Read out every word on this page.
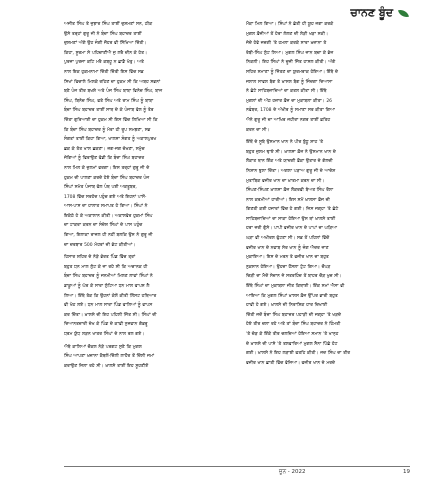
ਚਾਨਣ ਬੂੰਦ
ਅਜੀਤ ਸਿੰਘ ਤੇ ਜੁਝਾਰ ਸਿੰਘ ਤਾਈਂ ਦੁਸ਼ਮਣਾਂ ਸਨ, ਠੀਕ
ਉਸੇ ਤਰ੍ਹਾਂ ਗੁਰੂ ਜੀ ਨੇ ਬੰਦਾ ਸਿੰਘ ਬਹਾਦਰ ਤਾਈਂ
ਦੁਸ਼ਮਣਾਂ ਅੱਗੇ ਉਹ ਜੰਗੀ ਜੌਹਰ ਵੀ ਸਿੱਖਿਆ ਦਿੱਤੀ।
ਕਿਹਾ, ਸੂਰਮਾ ਸੋ ਪਹਿਚਾਣੀਐ ਜੁ ਲਰੈ ਦੀਨ ਕੇ ਹੇਤ।
ਪੁਰਜਾ ਪੁਰਜਾ ਕਟਿ ਮਰੈ ਕਬਹੂ ਨ ਛਾਡੈ ਖੇਤੁ। ਅਤੇ
ਨਾਲ ਇਕ ਹੁਕਮਨਾਮਾ ਦਿੱਤੀ ਦਿੱਤੀ ਇਸ ਵਿੱਚ ਸਭ
ਸਿਖਾਂ ਵਿਚਾਲੇ ਮਿਲਕੇ ਰਹਿਣ ਦਾ ਹੁਕਮ ਸੀ ਕਿ ਅਬਹ ਸਭਨਾਂ
ਬਣੇ ਪੰਜ ਤੀਰ ਬਖਸ਼ੇ ਅਤੇ ਪੰਜ ਸਿੰਘ ਬਾਬਾ ਵਿਨੋਦ ਸਿੰਘ, ਬਾਜ
ਸਿੰਘ, ਬਿਨੋਦ ਸਿੰਘ, ਫਤੇ ਸਿੰਘ ਅਤੇ ਰਾਮ ਸਿੰਘ ਨੂੰ ਬਾਬਾ
ਬੰਦਾ ਸਿੰਘ ਬਹਾਦਰ ਤਾਈਂ ਸਾਥ ਦੇ ਕੇ ਪੰਜਾਬ ਵੱਲ ਨੂੰ ਤੋਰ
ਦਿੱਤਾ ਗੁਰਿਆਈ ਦਾ ਹੁਕਮ ਸੀ ਇਸ ਵਿੱਚ ਲਿਖਿਆ ਸੀ ਕਿ
ਕਿ ਬੰਦਾ ਸਿੰਘ ਬਹਾਦਰ ਨੂੰ ਮੇਰਾ ਹੀ ਰੂਪ ਸਮਝਣਾ, ਸਭ
ਸੰਗਤਾਂ ਤਾਈਂ ਕਿਹਾ ਗਿਆ, ਖਾਲਸਾ ਸੰਗਤ ਨੂੰ ਅਕਾਲਪੁਰਖ
ਛਕ ਕੇ ਤੱਤ ਖਾਲ ਛਕਣਾ। ਜਗ-ਜਗ ਚੱਖਣਾ, ਸਮੁੱਚ
ਜੋਗਿਆਂ ਨੂੰ ਫਿਰਾਉਣ ਵੱਡੀ ਕਿ ਬੰਦਾ ਸਿੰਘ ਬਹਾਦਰ
ਨਾਲ ਮਿਲ ਕੇ ਜ਼ੁਲਮਾਂ ਵਰਗਾ। ਇਸ ਤਰ੍ਹਾਂ ਗੁਰੂ ਜੀ ਦੇ
ਹੁਕਮ ਦੀ ਪਾਲਣਾ ਕਰਦੇ ਹੋਏ ਬੰਦਾ ਸਿੰਘ ਬਹਾਦਰ ਪੰਜ
ਸਿੰਘਾਂ ਸਮੇਤ ਪੰਜਾਬ ਵੱਲ ਪੰਥ ਪਈ ਅਕਤੂਬਰ,
1708 ਵਿੱਚ ਸਰਹੱਦ ਪਹੁੰਚ ਗਏ ਅਤੇ ਇਹਨਾਂ ਪਾਸੋਂ-
ਆਸ-ਪਾਸ ਦਾ ਹਾਲਾਤ ਸਮਾਪਤ ਹੋ ਗਿਆ। ਸਿੰਘਾਂ ਨੇ
ਇਕੱਠੇ ਹੋ ਕੇ ਅਕਾਲਾਨ ਕੀਤੀ। ਅਕਾਲਵੇਰ ਹੁਕਮਾਂ ਸਿੰਘ
ਦਾ ਟਾਕਰਾ ਕਰਨ ਦਾ ਸੰਦੇਸ਼ ਸਿੰਘਾਂ ਦੇ ਪਾਸ ਪਹੁੰਚ
ਗਿਆ, ਇਲਾਕਾ ਰਾਜਲ ਹੀ ਨਹੀਂ ਬਲਕਿ ਉਸ ਨੇ ਗੁਰੂ ਜੀ
ਦਾ ਦਰਬਾਰ 500 ਮੋਹਰਾਂ ਦੀ ਭੇਟ ਕੀਤੀਆਂ।
ਹਿਸਾਰ ਸ਼ਹਿਰ ਦੇ ਨੇੜੇ ਭੋਰਤ ਪਿੰਡ ਵਿੱਚ ਤ੍ਰਾਂ
ਬਹੁਤ ਧਨ ਮਾਲ ਲੁੱਟ ਕੇ ਜਾ ਰਹੇ ਸੀ ਕਿ ਅਚਾਨਕ ਹੀ
ਬੰਦਾ ਸਿੰਘ ਬਹਾਦਰ ਨੂੰ ਜਨਮੀਆਂ ਮਿਲਣ ਲਾਵਾਂ ਸਿੰਘਾਂ ਨੇ
ਡਾਕੂਆਂ ਨੂੰ ਘੇਰ ਕੇ ਸਾਰਾ ਲੁੱਟਿਆ ਧਨ ਮਾਲ ਵਾਪਸ ਲੈ
ਲਿਆ। ਇੱਥੇ ਤੱਕ ਕਿ ਉਹਨਾਂ ਕੋਲੋਂ ਕੀਤੀ ਲਿੱਸਟ ਹਥਿਆਰ
ਵੀ ਖੋਹ ਲਏ। ਧਨ ਮਾਲ ਸਾਰਾ ਪਿੰਡ ਵਾਲਿਆਂ ਨੂੰ ਵਾਪਸ
ਕਰ ਦਿੱਤਾ। ਖ਼ਾਲਸੇ ਦੀ ਇਹ ਪਹਿਲੀ ਜਿੱਤ ਸੀ। ਸਿੰਘਾਂ ਦੀ
ਦਿਆਨਤਦਾਰੀ ਦੇਖ ਕੇ ਪਿੰਡ ਦੇ ਕਾਫ਼ੀ ਨੁਜਵਾਨ ਗੱਭਰੂ
ਧਰਮ ਯੁੱਧ ਲੜਨ ਖਾਤਰ ਸਿੰਘਾਂ ਦੇ ਨਾਲ ਰਲ ਗਏ।
ਐਥੇ ਕਾਲਿਆਂ ਚੌਕਲ ਨੇੜੇ ਪਰਗਟ ਸੁਣੋ ਕਿ ਮੁਗਲ
ਸਿੰਘ ਆਪਣਾ ਖ਼ਜ਼ਾਨਾ ਕੈਥਲੋਂ-ਦਿੱਲੀ ਲਾਹੌਰ ਤੋਂ ਦਿੱਲੀ ਜਮਾਂ
ਕਰਾਉਣ ਜਿਲਾ ਰਹੇ ਸੀ। ਖ਼ਾਲਸੇ ਤਾਈਂ ਇਹ ਸੂਹਣੀਏਂ
ਮੌਕਾ ਮਿਲ ਗਿਆ। ਸਿੰਘਾਂ ਨੇ ਛੇਤੀ ਹੀ ਯੂਹ ਜਗਾ ਕਰਕੇ
ਮੁਗਲ ਫ਼ੌਜੀਆਂ ਤੋਂ ਹੋਰਾ ਲੇਲਣ ਦੀ ਲੋੜੀ ਖੜਾ ਸਕੀ।
ਜੱਦੋ ਹੋਵੇ ਜਦਗੀ 'ਤੇ ਹਮਲਾ ਕਰਕੇ ਸਾਰਾ ਖ਼ਜ਼ਾਨਾ ਤੇ
ਰੱਬੀ-ਸਿੰਘ ਲੁੱਟ ਲਿਆ। ਮੁਗਲ ਸਿੰਘ ਜਾਨ ਬਚਾ ਕੇ ਭੱਜ
ਨਿਕਲੀ। ਇਹ ਸਿੰਘਾਂ ਨੇ ਦੂਜੀ ਜਿੱਤ ਹਾਸਲ ਕੀਤੀ। ਅੱਗੇ
ਸਹਿਰ ਸਮਾਣਾ ਨੂੰ ਜਿੱਤਣ ਦਾ ਯੁਰਮਰਾਕ ਹੋਇਆ। ਇੱਥੇ ਦੇ
ਜਲਾਲ ਸਾਵਲ ਬੇਗ ਤੇ ਖ਼ਾਸਲ ਬੇਗ ਨੂੰ ਜਿੰਦਗਾ ਦਿਆਸਾ
ਨੇ ਛੋਟੇ ਸਾਹਿਬਜ਼ਾਦਿਆਂ ਦਾ ਕਤਲ ਕੀਤਾ ਸੀ। ਇੱਥੇ
ਮੁਗਲਾਂ ਦੀ ਅੱਠ ਹਜ਼ਾਰ ਫ਼ੌਜ ਦਾ ਮੁਕਾਬਲਾ ਕੀਤਾ। 26
ਨਵੰਬਰ, 1708 ਦੇ ਅੱਖੀਰ ਨੂੰ ਸਮਾਣਾ ਸਰ ਕੀਤਾ ਗਿਆ
ਐਨੇ ਗੁਰੂ ਜੀ ਦਾ ਆਖਿਰ ਜਹੀਰਾ ਨਗਰ ਤਾਈਂ ਫ਼ਤਿਹ
ਕਰਨ ਦਾ ਸੀ।
ਇੱਥੋਂ ਦੇ ਸੂਬੇ ਉਸਮਾਨ ਖਾਨ ਨੇ ਪੀਰ ਬੁੱਧੂ ਸ਼ਾਹ 'ਤੇ
ਬਹੁਤ ਜ਼ੁਲਮ ਢਾਏ ਸੀ। ਖ਼ਾਲਸਾ ਫ਼ੌਜ ਨੇ ਉਸਮਾਨ ਖਾਨ ਦੇ
ਲੌਕਾਤ ਥਾਨ ਇੱਕ ਅਤੇ ਯਾਦਗੀ ਫ਼ੌਕਾ ਉਤਾਰ ਦੇ ਗੱਲਦੀ
ਨਿਸ਼ਾਨ ਝੁਲਾ ਦਿੱਤਾ। ਅਗਲਾ ਪੜਾਅ ਗੁਰੂ ਜੀ ਦੇ ਆਦੇਸ਼
ਮੁਤਾਬਿਕ ਵਜੀਰ ਖਾਨ ਦਾ ਖ਼ਾਤਮਾ ਕਰਨ ਦਾ ਸੀ।
ਸਿੰਘਣ-ਸਿੰਘਣ ਖ਼ਾਲਸਾ ਫ਼ੌਜ ਲੌਕਰਵੀ ਬੋਅਤ ਸਿੰਘ ਰੌਲਾ
ਨਾਲ ਕਰਮੀਆਂ ਹਾਰੀਆਂ। ਇਸ ਸਮੇਂ ਖ਼ਾਲਸਾ ਫ਼ੌਜ ਦੀ
ਗਿਣਤੀ ਕਈ ਹਜਾਰਾਂ ਵਿੱਚ ਹੋ ਗਈ। ਜਿਸ ਜਗ੍ਹਾ 'ਤੇ ਛੋਟੇ
ਸਾਹਿਬਜ਼ਾਦਿਆਂ ਦਾ ਸਾਕਾ ਹੋਇਆ ਉਸ ਥਾਂ ਖ਼ਾਲਸੇ ਤਾਈਂ
ਹਰਾ ਜਰੀ ਗੁੱਸੇ। ਪਾਪੀ ਵਜੀਰ ਖਾਨ ਦੇ ਪਾਪਾਂ ਦਾ ਘੜਿਆ
ਘੜਾ ਵੀ ਅਖੀਰਲ ਫੁੱਟਣਾ ਸੀ। ਸਭ ਤੋਂ ਪਹਿਲਾਂ ਵਿੱਚੋਂ
ਵਜੀਰ ਖਾਨ ਦੇ ਨਵਾਬ ਸੇਰ ਖਾਨ ਨੂੰ ਜੰਗ ਐਦਰ ਜਾਣ
ਮੁਕਾਇਆ। ਇਸ ਦੇ ਮਰਨ ਤੇ ਵਜੀਰ ਖਾਨ ਦਾ ਬਹੁਤ
ਨੁਕਸਾਨ ਹੋਇਆ। ਉਹਦਾ ਹੌਂਸਲਾ ਟੁੱਟ ਗਿਆ। ਚੌਪੜ
ਚਿੜੀ ਦਾ ਮੈਦੋਂ ਸੋਦਾਨ ਜੇ ਸਤਰਹਿੰਦ ਤੋਂ ਬਾਹਰ ਚੌੜ ਖੁਦ ਸੀ।
ਇੱਥੇ ਸਿੰਘਾਂ ਦਾ ਮੁਕਾਬਲਾ ਜੀਤ ਕਿਥਾਈ। ਇੱਕ ਸਮਾਂ ਐਸਾ ਵੀ
ਆਇਆ ਕਿ ਮੁਗਲ ਸਿੰਘਾਂ ਖ਼ਾਲਸ ਫ਼ੌਜ ਉੱਪਰ ਭਾਰੀ ਬਹੁਤ
ਹਾਵੀ ਹੋ ਗਏ। ਖ਼ਾਲਸੇ ਦੀ ਨਿਰਾਸ਼ਿਕ ਹਾਰ ਦਿਖਾਈ
ਦਿੱਤੀ ਜਦੋਂ ਬੰਦਾ ਸਿੰਘ ਬਹਾਦਰ ਪਹਾੜੀ ਦੀ ਜਗ੍ਹਾ 'ਤੇ ਖੜਦੇ
ਹੋਏ ਤੀਰ ਚਲਾ ਰਹੇ ਅਤੇ ਤਾਂ ਬੰਦਾ ਸਿੰਘ ਬਹਾਦਰ ਨੇ ਹਿੰਮਤੀ
'ਤੇ ਚੱੜ ਕੇ ਇੱਕੋ ਤੀਰ ਚਲਦਿਆਂ ਹੋਇਆ ਸਮਾਨ 'ਤੇ ਖਾਨ੍ਹ
ਦੇ ਖ਼ਾਲਸੇ ਦੀ ਪਾਸੇ 'ਤੇ ਤਲਵਾਰਿਆਂ ਮੁਗਲ ਸੈਨਾ ਪਿੱਛੇ ਹੱਟ
ਗਈ। ਖ਼ਾਲਸੇ ਨੇ ਇਹ ਲੜਾਈ ਫਤਹਿ ਕੀਤੀ। ਜਦ ਸਿੰਘ ਦਾ ਤੀਰ
ਵਜੀਰ ਖਾਨ ਛਾਤੀ ਵਿੱਚ ਵੱਜਿਆ। ਵਜੀਰ ਖਾਨ ਦੇ ਮਰਦੇ
ਜੂਨ - 2022	19
